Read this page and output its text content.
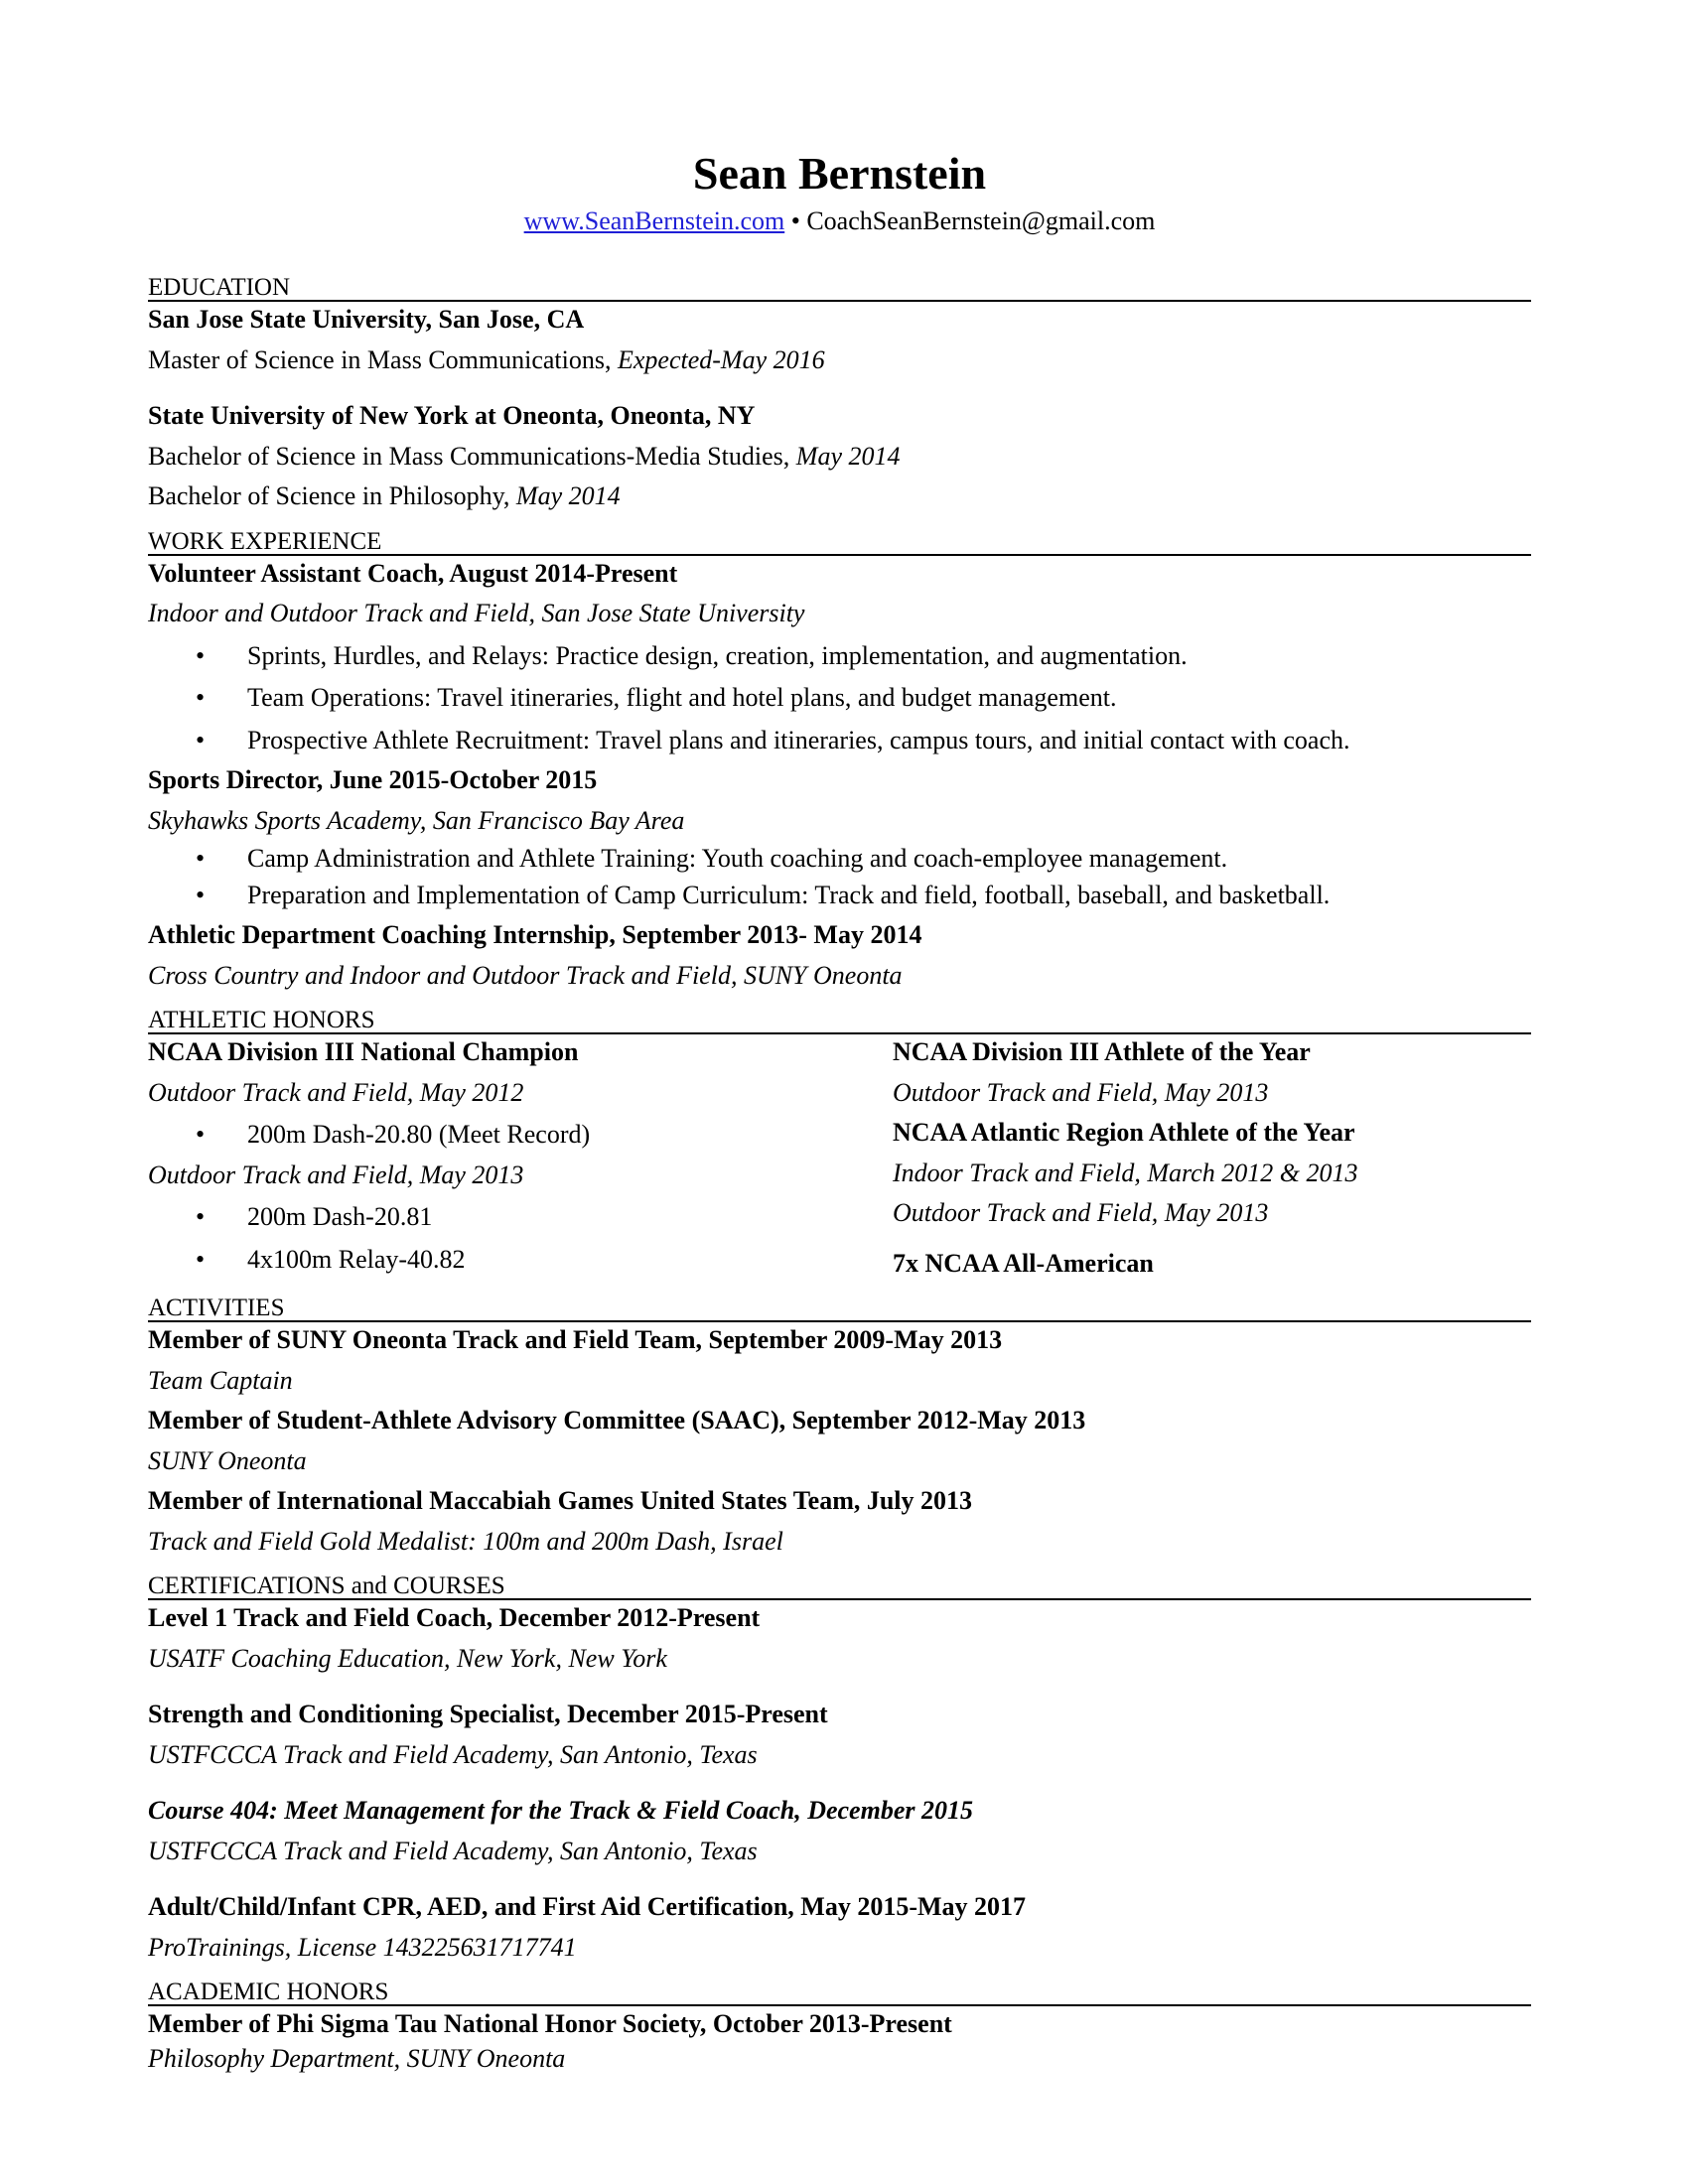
Sean Bernstein
www.SeanBernstein.com • CoachSeanBernstein@gmail.com
EDUCATION
San Jose State University, San Jose, CA
Master of Science in Mass Communications, Expected-May 2016
State University of New York at Oneonta, Oneonta, NY
Bachelor of Science in Mass Communications-Media Studies, May 2014
Bachelor of Science in Philosophy, May 2014
WORK EXPERIENCE
Volunteer Assistant Coach, August 2014-Present
Indoor and Outdoor Track and Field, San Jose State University
• Sprints, Hurdles, and Relays: Practice design, creation, implementation, and augmentation.
• Team Operations: Travel itineraries, flight and hotel plans, and budget management.
• Prospective Athlete Recruitment: Travel plans and itineraries, campus tours, and initial contact with coach.
Sports Director, June 2015-October 2015
Skyhawks Sports Academy, San Francisco Bay Area
• Camp Administration and Athlete Training: Youth coaching and coach-employee management.
• Preparation and Implementation of Camp Curriculum: Track and field, football, baseball, and basketball.
Athletic Department Coaching Internship, September 2013- May 2014
Cross Country and Indoor and Outdoor Track and Field, SUNY Oneonta
ATHLETIC HONORS
NCAA Division III National Champion
Outdoor Track and Field, May 2012
• 200m Dash-20.80 (Meet Record)
Outdoor Track and Field, May 2013
• 200m Dash-20.81
• 4x100m Relay-40.82
NCAA Division III Athlete of the Year
Outdoor Track and Field, May 2013
NCAA Atlantic Region Athlete of the Year
Indoor Track and Field, March 2012 & 2013
Outdoor Track and Field, May 2013
7x NCAA All-American
ACTIVITIES
Member of SUNY Oneonta Track and Field Team, September 2009-May 2013
Team Captain
Member of Student-Athlete Advisory Committee (SAAC), September 2012-May 2013
SUNY Oneonta
Member of International Maccabiah Games United States Team, July 2013
Track and Field Gold Medalist: 100m and 200m Dash, Israel
CERTIFICATIONS and COURSES
Level 1 Track and Field Coach, December 2012-Present
USATF Coaching Education, New York, New York
Strength and Conditioning Specialist, December 2015-Present
USTFCCCA Track and Field Academy, San Antonio, Texas
Course 404: Meet Management for the Track & Field Coach, December 2015
USTFCCCA Track and Field Academy, San Antonio, Texas
Adult/Child/Infant CPR, AED, and First Aid Certification, May 2015-May 2017
ProTrainings, License 143225631717741
ACADEMIC HONORS
Member of Phi Sigma Tau National Honor Society, October 2013-Present
Philosophy Department, SUNY Oneonta
